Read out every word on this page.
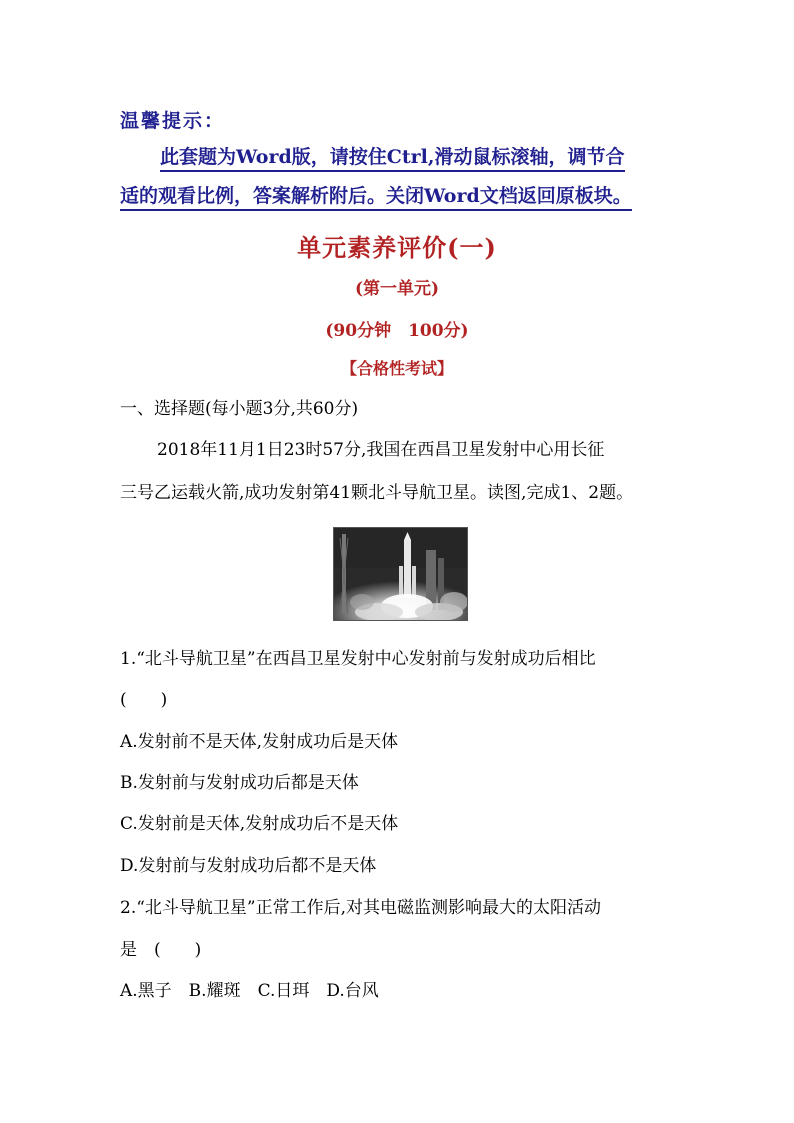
温馨提示：
此套题为Word版，请按住Ctrl,滑动鼠标滚轴，调节合
适的观看比例，答案解析附后。关闭Word文档返回原板块。
单元素养评价(一)
(第一单元)
(90分钟　100分)
【合格性考试】
一、选择题(每小题3分,共60分)
2018年11月1日23时57分,我国在西昌卫星发射中心用长征
三号乙运载火箭,成功发射第41颗北斗导航卫星。读图,完成1、2题。
1.“北斗导航卫星”在西昌卫星发射中心发射前与发射成功后相比
(　　)
A.发射前不是天体,发射成功后是天体
B.发射前与发射成功后都是天体
C.发射前是天体,发射成功后不是天体
D.发射前与发射成功后都不是天体
2.“北斗导航卫星”正常工作后,对其电磁监测影响最大的太阳活动
是　(　　)
A.黑子　B.耀斑　C.日珥　D.台风
